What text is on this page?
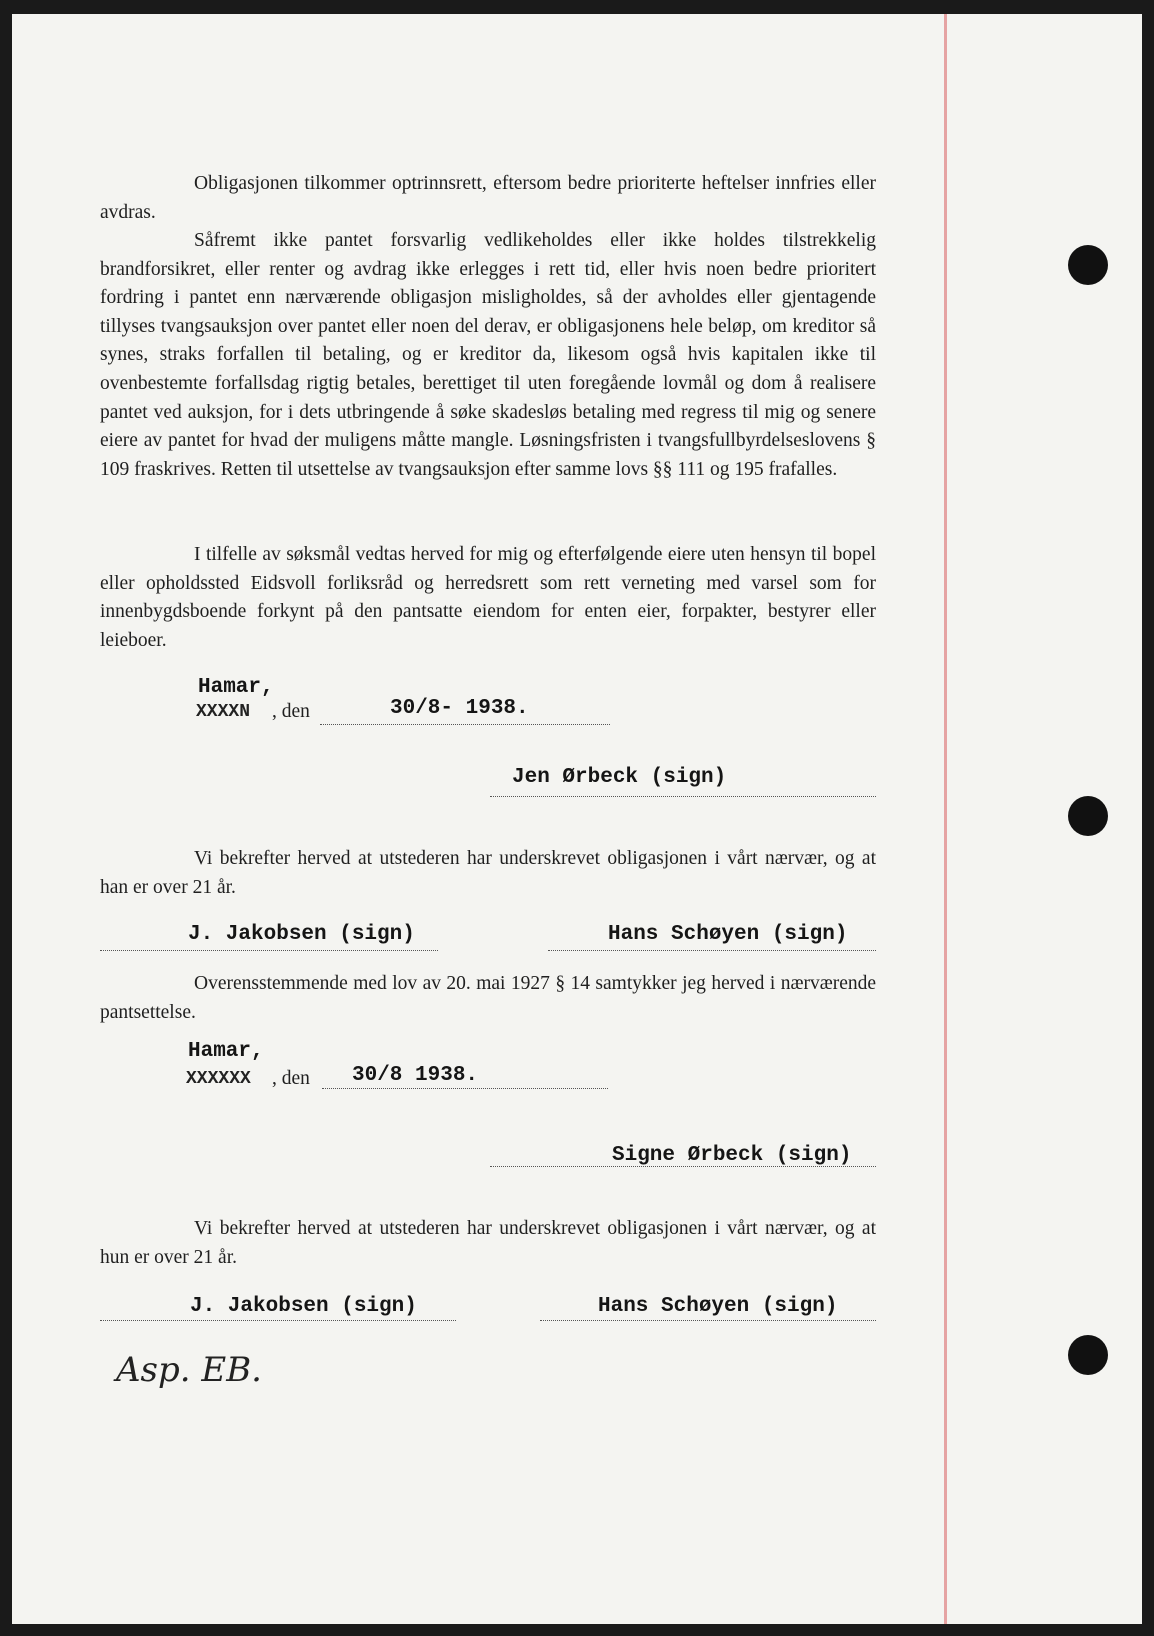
Obligasjonen tilkommer optrinnsrett, eftersom bedre prioriterte heftelser innfries eller avdras.

Såfremt ikke pantet forsvarlig vedlikeholdes eller ikke holdes tilstrekkelig brandforsikret, eller renter og avdrag ikke erlegges i rett tid, eller hvis noen bedre prioritert fordring i pantet enn nærværende obligasjon misligholdes, så der avholdes eller gjentagende tillyses tvangsauksjon over pantet eller noen del derav, er obligasjonens hele beløp, om kreditor så synes, straks forfallen til betaling, og er kreditor da, likesom også hvis kapitalen ikke til ovenbestemte forfallsdag rigtig betales, berettiget til uten foregående lovmål og dom å realisere pantet ved auksjon, for i dets utbringende å søke skadesløs betaling med regress til mig og senere eiere av pantet for hvad der muligens måtte mangle. Løsningsfristen i tvangsfullbyrdelseslovens § 109 fraskrives. Retten til utsettelse av tvangsauksjon efter samme lovs §§ 111 og 195 frafalles.

I tilfelle av søksmål vedtas herved for mig og efterfølgende eiere uten hensyn til bopel eller opholdssted Eidsvoll forliksråd og herredsrett som rett verneting med varsel som for innenbygdsboende forkynt på den pantsatte eiendom for enten eier, forpakter, bestyrer eller leieboer.

Hamar,
XXXXN , den	30/8- 1938.
Jen Ørbeck (sign)

Vi bekrefter herved at utstederen har underskrevet obligasjonen i vårt nærvær, og at han er over 21 år.

J. Jakobsen (sign)	Hans Schøyen (sign)

Overensstemmende med lov av 20. mai 1927 § 14 samtykker jeg herved i nærværende pantsettelse.

Hamar,
XXXXXX , den 30/8 1938.
Signe Ørbeck (sign)

Vi bekrefter herved at utstederen har underskrevet obligasjonen i vårt nærvær, og at hun er over 21 år.

J. Jakobsen (sign)	Hans Schøyen (sign)
Asp. EB.
